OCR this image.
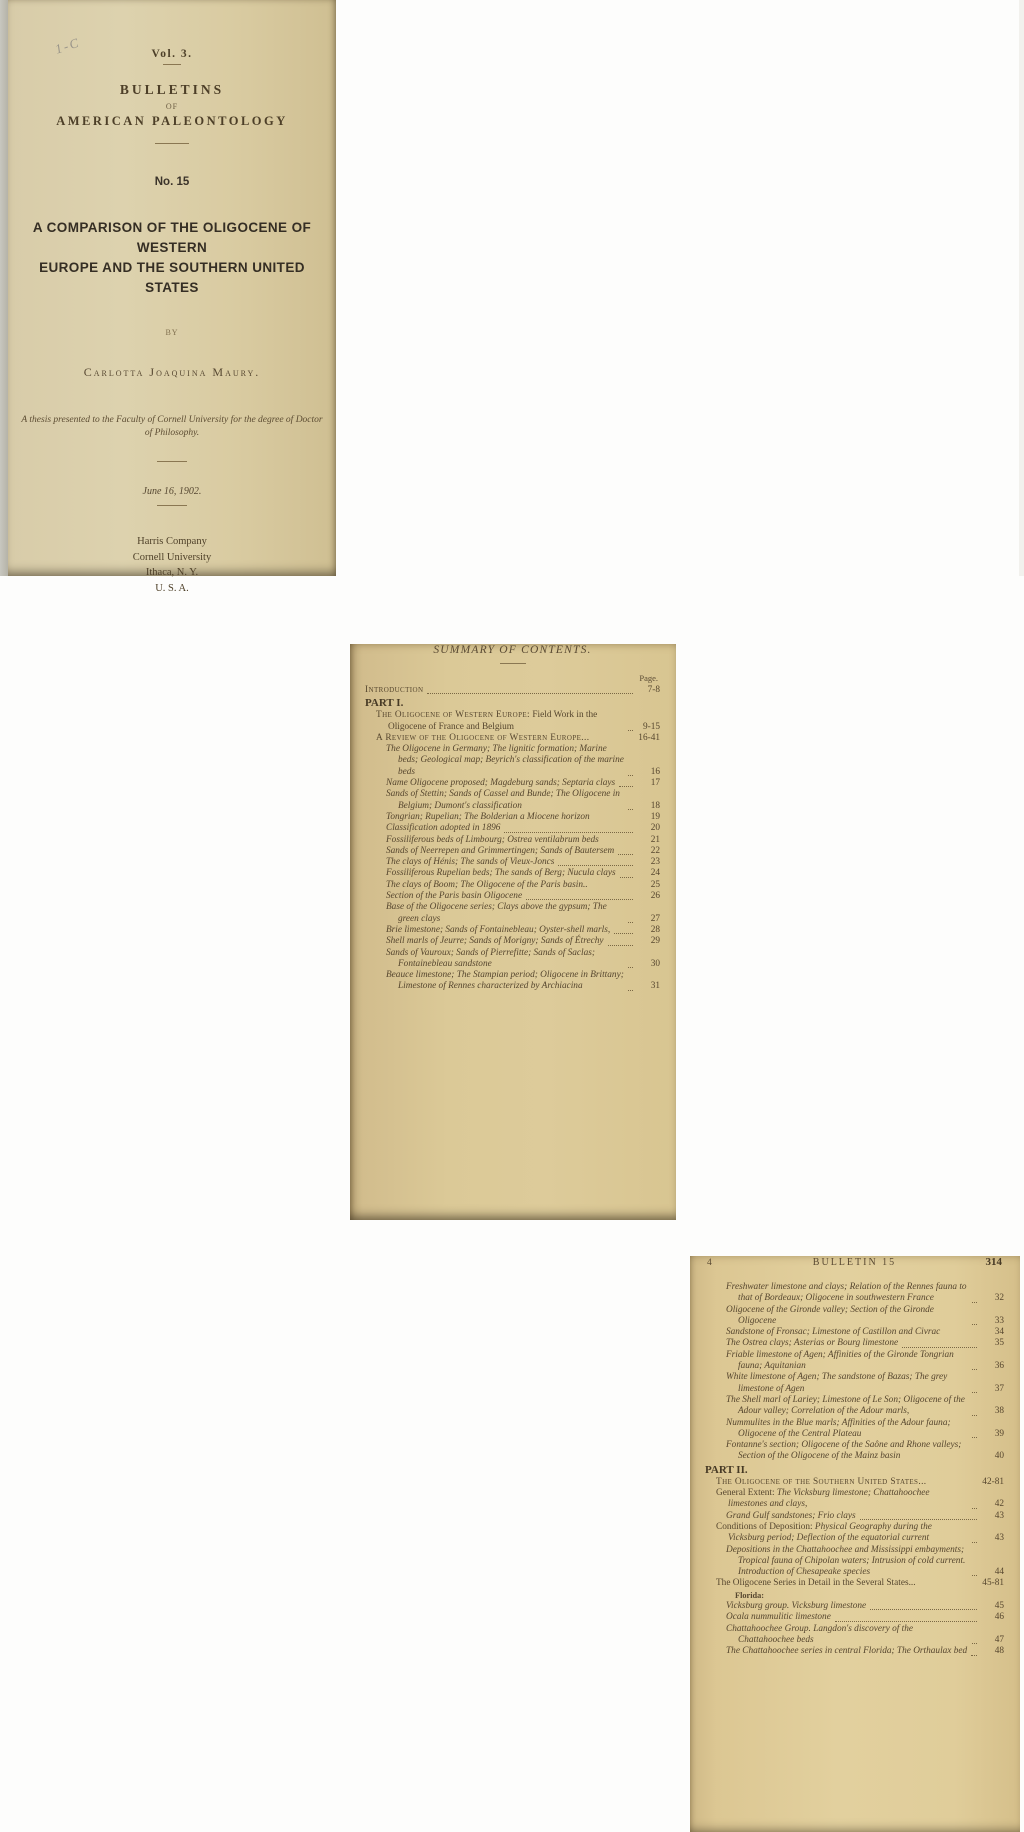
1-C	Vol. 3.
BULLETINS
OF
AMERICAN PALEONTOLOGY
No. 15
A COMPARISON OF THE OLIGOCENE OF WESTERN
EUROPE AND THE SOUTHERN UNITED STATES
BY
Carlotta Joaquina Maury.
A thesis presented to the Faculty of Cornell University for the degree of Doctor of Philosophy.
June 16, 1902.
Harris Company
Cornell University
Ithaca, N. Y.
U. S. A.
SUMMARY OF CONTENTS.
Page.
Introduction	7-8
PART I.
The Oligocene of Western Europe: Field Work in the Oligocene of France and Belgium	9-15
A Review of the Oligocene of Western Europe...	16-41
The Oligocene in Germany; The lignitic formation; Marine beds; Geological map; Beyrich's classification of the marine beds	16
Name Oligocene proposed; Magdeburg sands; Septaria clays	17
Sands of Stettin; Sands of Cassel and Bunde; The Oligocene in Belgium; Dumont's classification	18
Tongrian; Rupelian; The Bolderian a Miocene horizon	19
Classification adopted in 1896	20
Fossiliferous beds of Limbourg; Ostrea ventilabrum beds	21
Sands of Neerrepen and Grimmertingen; Sands of Bautersem	22
The clays of Hénis; The sands of Vieux-Joncs	23
Fossiliferous Rupelian beds; The sands of Berg; Nucula clays	24
The clays of Boom; The Oligocene of the Paris basin..	25
Section of the Paris basin Oligocene	26
Base of the Oligocene series; Clays above the gypsum; The green clays	27
Brie limestone; Sands of Fontainebleau; Oyster-shell marls,	28
Shell marls of Jeurre; Sands of Morigny; Sands of Étrechy	29
Sands of Vauroux; Sands of Pierrefitte; Sands of Saclas; Fontainebleau sandstone	30
Beauce limestone; The Stampian period; Oligocene in Brittany; Limestone of Rennes characterized by Archiacina	31
4	BULLETIN 15	314
Freshwater limestone and clays; Relation of the Rennes fauna to that of Bordeaux; Oligocene in southwestern France	32
Oligocene of the Gironde valley; Section of the Gironde Oligocene	33
Sandstone of Fronsac; Limestone of Castillon and Civrac	34
The Ostrea clays; Asterias or Bourg limestone	35
Friable limestone of Agen; Affinities of the Gironde Tongrian fauna; Aquitanian	36
White limestone of Agen; The sandstone of Bazas; The grey limestone of Agen	37
The Shell marl of Lariey; Limestone of Le Son; Oligocene of the Adour valley; Correlation of the Adour marls,	38
Nummulites in the Blue marls; Affinities of the Adour fauna; Oligocene of the Central Plateau	39
Fontanne's section; Oligocene of the Saône and Rhone valleys; Section of the Oligocene of the Mainz basin	40
PART II.
The Oligocene of the Southern United States...	42-81
General Extent: The Vicksburg limestone; Chattahoochee limestones and clays,	42
Grand Gulf sandstones; Frio clays	43
Conditions of Deposition: Physical Geography during the Vicksburg period; Deflection of the equatorial current	43
Depositions in the Chattahoochee and Mississippi embayments; Tropical fauna of Chipolan waters; Intrusion of cold current. Introduction of Chesapeake species	44
The Oligocene Series in Detail in the Several States...	45-81
Florida:
Vicksburg group. Vicksburg limestone	45
Ocala nummulitic limestone	46
Chattahoochee Group. Langdon's discovery of the Chattahoochee beds	47
The Chattahoochee series in central Florida; The Orthaulax bed	48
